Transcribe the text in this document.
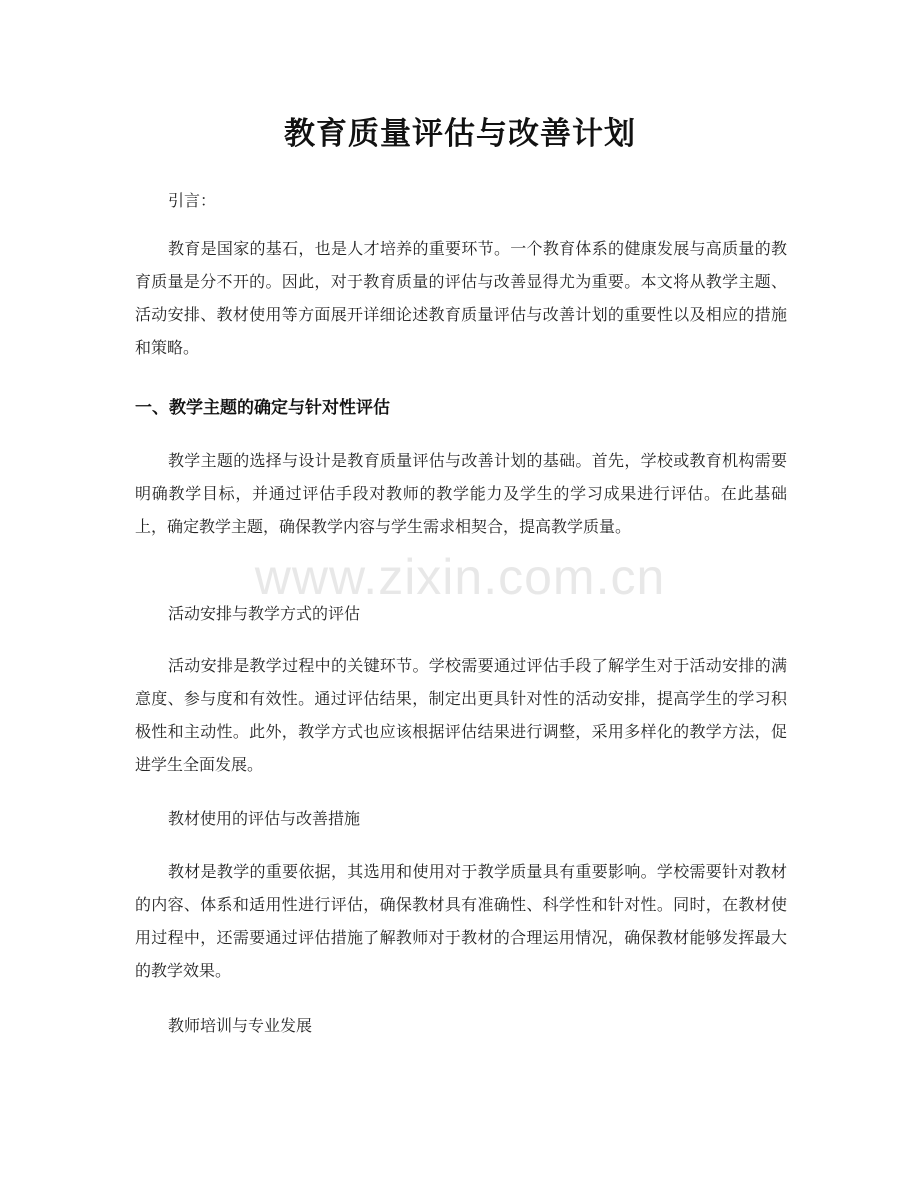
教育质量评估与改善计划
引言：
教育是国家的基石，也是人才培养的重要环节。一个教育体系的健康发展与高质量的教育质量是分不开的。因此，对于教育质量的评估与改善显得尤为重要。本文将从教学主题、活动安排、教材使用等方面展开详细论述教育质量评估与改善计划的重要性以及相应的措施和策略。
一、教学主题的确定与针对性评估
教学主题的选择与设计是教育质量评估与改善计划的基础。首先，学校或教育机构需要明确教学目标，并通过评估手段对教师的教学能力及学生的学习成果进行评估。在此基础上，确定教学主题，确保教学内容与学生需求相契合，提高教学质量。
活动安排与教学方式的评估
活动安排是教学过程中的关键环节。学校需要通过评估手段了解学生对于活动安排的满意度、参与度和有效性。通过评估结果，制定出更具针对性的活动安排，提高学生的学习积极性和主动性。此外，教学方式也应该根据评估结果进行调整，采用多样化的教学方法，促进学生全面发展。
教材使用的评估与改善措施
教材是教学的重要依据，其选用和使用对于教学质量具有重要影响。学校需要针对教材的内容、体系和适用性进行评估，确保教材具有准确性、科学性和针对性。同时，在教材使用过程中，还需要通过评估措施了解教师对于教材的合理运用情况，确保教材能够发挥最大的教学效果。
教师培训与专业发展
www.zixin.com.cn
